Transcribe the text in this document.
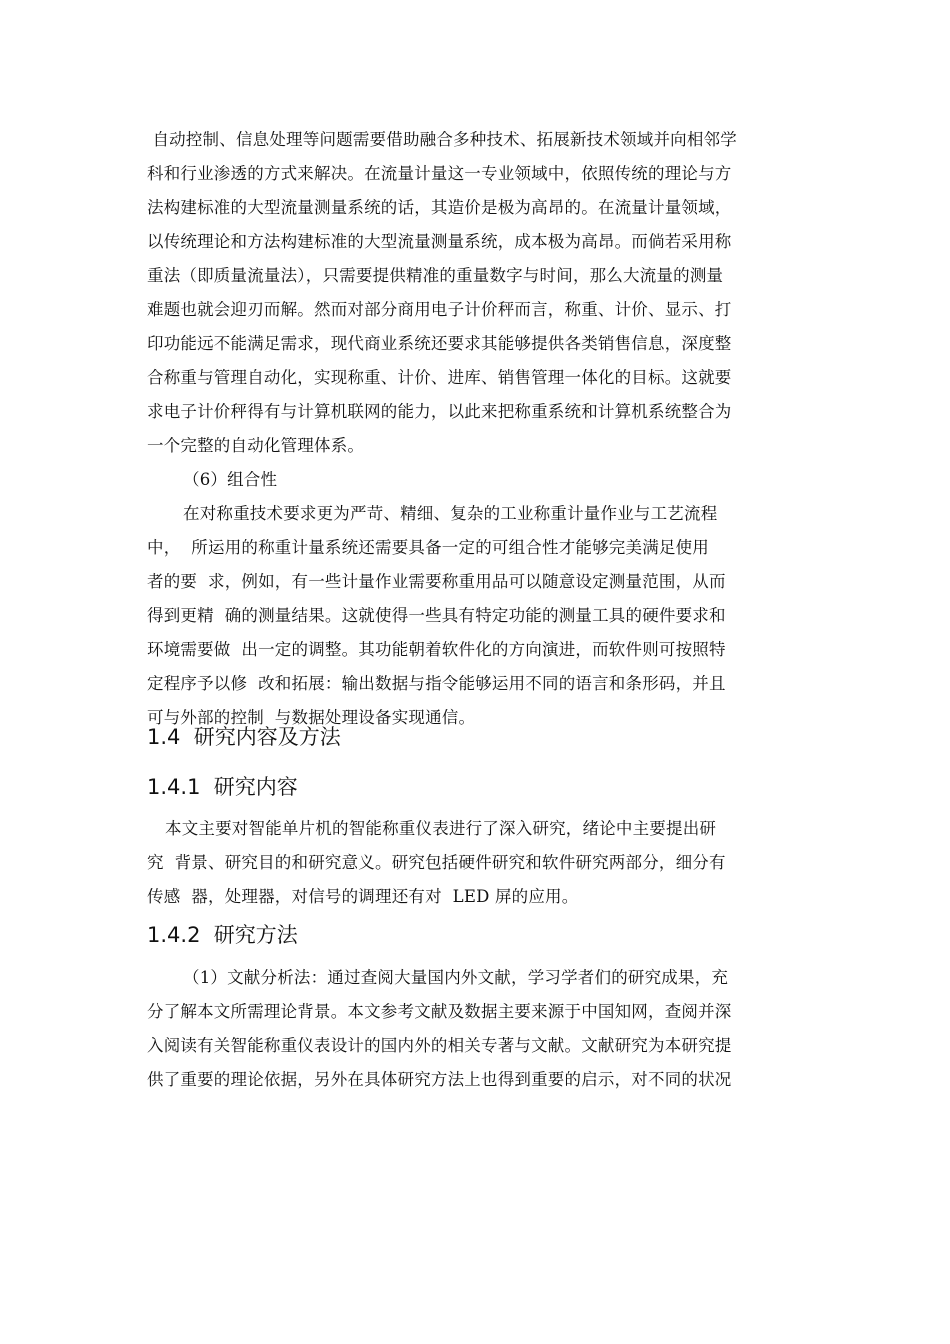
自动控制、信息处理等问题需要借助融合多种技术、拓展新技术领域并向相邻学
科和行业渗透的方式来解决。在流量计量这一专业领域中，依照传统的理论与方
法构建标准的大型流量测量系统的话，其造价是极为高昂的。在流量计量领域，
以传统理论和方法构建标准的大型流量测量系统，成本极为高昂。而倘若采用称
重法（即质量流量法），只需要提供精准的重量数字与时间，那么大流量的测量
难题也就会迎刃而解。然而对部分商用电子计价秤而言，称重、计价、显示、打
印功能远不能满足需求，现代商业系统还要求其能够提供各类销售信息，深度整
合称重与管理自动化，实现称重、计价、进库、销售管理一体化的目标。这就要
求电子计价秤得有与计算机联网的能力，以此来把称重系统和计算机系统整合为
一个完整的自动化管理体系。
（6）组合性
在对称重技术要求更为严苛、精细、复杂的工业称重计量作业与工艺流程
中，  所运用的称重计量系统还需要具备一定的可组合性才能够完美满足使用
者的要  求，例如，有一些计量作业需要称重用品可以随意设定测量范围，从而
得到更精  确的测量结果。这就使得一些具有特定功能的测量工具的硬件要求和
环境需要做  出一定的调整。其功能朝着软件化的方向演进，而软件则可按照特
定程序予以修  改和拓展：输出数据与指令能够运用不同的语言和条形码，并且
可与外部的控制  与数据处理设备实现通信。
1.4  研究内容及方法
1.4.1  研究内容
本文主要对智能单片机的智能称重仪表进行了深入研究，绪论中主要提出研
究  背景、研究目的和研究意义。研究包括硬件研究和软件研究两部分，细分有
传感  器，处理器，对信号的调理还有对  LED 屏的应用。
1.4.2  研究方法
（1）文献分析法：通过查阅大量国内外文献，学习学者们的研究成果，充
分了解本文所需理论背景。本文参考文献及数据主要来源于中国知网，查阅并深
入阅读有关智能称重仪表设计的国内外的相关专著与文献。文献研究为本研究提
供了重要的理论依据，另外在具体研究方法上也得到重要的启示，对不同的状况
